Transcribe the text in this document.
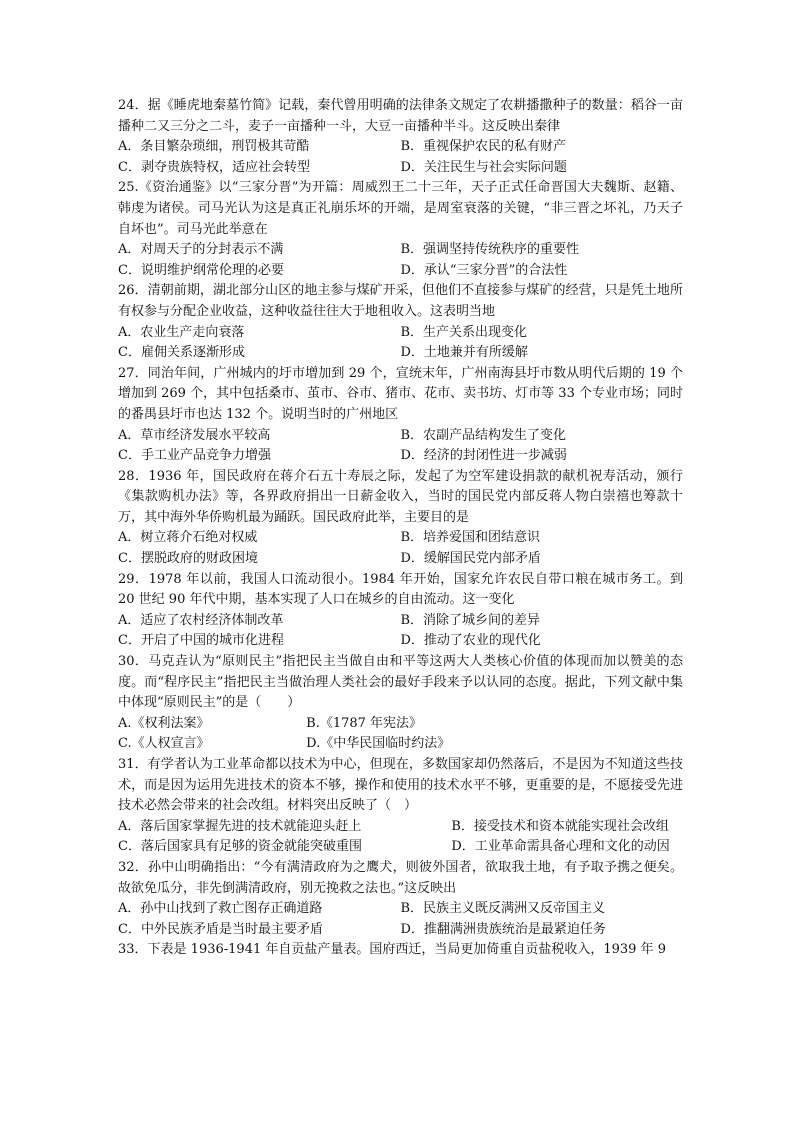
24．据《睡虎地秦墓竹简》记载，秦代曾用明确的法律条文规定了农耕播撒种子的数量：稻谷一亩播种二又三分之二斗，麦子一亩播种一斗，大豆一亩播种半斗。这反映出秦律

A．条目繁杂琐细，刑罚极其苛酷	B．重视保护农民的私有财产
C．剥夺贵族特权，适应社会转型	D．关注民生与社会实际问题

25.《资治通鉴》以“三家分晋”为开篇：周威烈王二十三年，天子正式任命晋国大夫魏斯、赵籍、韩虔为诸侯。司马光认为这是真正礼崩乐坏的开端，是周室衰落的关键，“非三晋之坏礼，乃天子自坏也”。司马光此举意在

A．对周天子的分封表示不满	B．强调坚持传统秩序的重要性
C．说明维护纲常伦理的必要	D．承认“三家分晋”的合法性

26．清朝前期，湖北部分山区的地主参与煤矿开采，但他们不直接参与煤矿的经营，只是凭土地所有权参与分配企业收益，这种收益往往大于地租收入。这表明当地

A．农业生产走向衰落	B．生产关系出现变化
C．雇佣关系逐渐形成	D．土地兼并有所缓解

27．同治年间，广州城内的圩市增加到 29 个，宣统末年，广州南海县圩市数从明代后期的 19 个增加到 269 个，其中包括桑市、茧市、谷市、猪市、花市、卖书坊、灯市等 33 个专业市场；同时的番禺县圩市也达 132 个。说明当时的广州地区

A．草市经济发展水平较高	B．农副产品结构发生了变化
C．手工业产品竞争力增强	D．经济的封闭性进一步减弱

28．1936 年，国民政府在蒋介石五十寿辰之际，发起了为空军建设捐款的献机祝寿活动，颁行《集款购机办法》等，各界政府捐出一日薪金收入，当时的国民党内部反蒋人物白崇禧也筹款十万，其中海外华侨购机最为踊跃。国民政府此举，主要目的是

A．树立蒋介石绝对权威	B．培养爱国和团结意识
C．摆脱政府的财政困境	D．缓解国民党内部矛盾

29．1978 年以前，我国人口流动很小。1984 年开始，国家允许农民自带口粮在城市务工。到 20 世纪 90 年代中期，基本实现了人口在城乡的自由流动。这一变化

A．适应了农村经济体制改革	B．消除了城乡间的差异
C．开启了中国的城市化进程	D．推动了农业的现代化

30．马克垚认为“原则民主”指把民主当做自由和平等这两大人类核心价值的体现而加以赞美的态度。而“程序民主”指把民主当做治理人类社会的最好手段来予以认同的态度。据此，下列文献中集中体现“原则民主”的是（　　）

A.《权利法案》	B.《1787 年宪法》
C.《人权宣言》	D.《中华民国临时约法》

31．有学者认为工业革命都以技术为中心，但现在，多数国家却仍然落后，不是因为不知道这些技术，而是因为运用先进技术的资本不够，操作和使用的技术水平不够，更重要的是，不愿接受先进技术必然会带来的社会改组。材料突出反映了（　）

A．落后国家掌握先进的技术就能迎头赶上	B．接受技术和资本就能实现社会改组
C．落后国家具有足够的资金就能突破重围	D．工业革命需具备心理和文化的动因

32．孙中山明确指出：“今有满清政府为之鹰犬，则彼外国者，欲取我土地，有予取予携之便矣。故欲免瓜分，非先倒满清政府，别无挽救之法也。”这反映出

A．孙中山找到了救亡图存正确道路	B．民族主义既反满洲又反帝国主义
C．中外民族矛盾是当时最主要矛盾	D．推翻满洲贵族统治是最紧迫任务

33．下表是 1936-1941 年自贡盐产量表。国府西迁，当局更加倚重自贡盐税收入，1939 年 9
